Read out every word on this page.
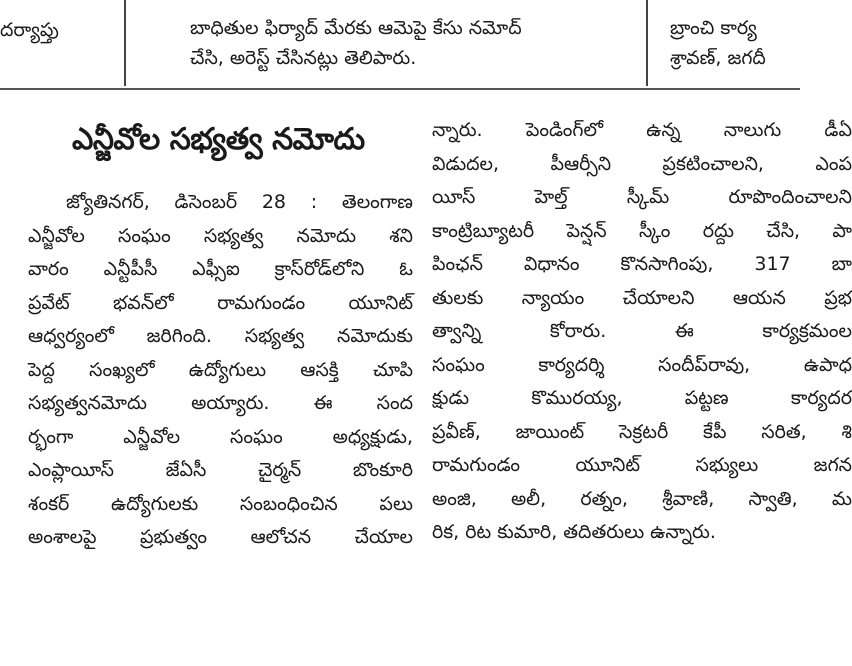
దర్యాప్తు	బాధితుల ఫిర్యాద్ మేరకు ఆమెపై కేసు నమోద్
చేసి, అరెస్ట్ చేసినట్లు తెలిపారు.
బ్రాంచి కార్య
శ్రావణ్, జగదీ
ఎన్జీవోల సభ్యత్వ నమోదు
జ్యోతినగర్, డిసెంబర్ 28 : తెలంగాణ
ఎన్జీవోల సంఘం సభ్యత్వ నమోదు శని
వారం ఎన్టీపీసీ ఎఫ్సీఐ క్రాస్‌రోడ్‌లోని ఓ
ప్రవేట్ భవన్‌లో రామగుండం యూనిట్
ఆధ్వర్యంలో జరిగింది. సభ్యత్వ నమోదుకు
పెద్ద సంఖ్యలో ఉద్యోగులు ఆసక్తి చూపి
సభ్యత్వనమోదు అయ్యారు. ఈ సంద
ర్భంగా ఎన్జీవోల సంఘం అధ్యక్షుడు,
ఎంప్లాయీస్ జేఏసీ చైర్మన్ బొంకూరి
శంకర్ ఉద్యోగులకు సంబంధించిన పలు
అంశాలపై ప్రభుత్వం ఆలోచన చేయాల
న్నారు. పెండింగ్‌లో ఉన్న నాలుగు డీఏ
విడుదల, పీఆర్సీని ప్రకటించాలని, ఎంప
యీస్ హెల్త్ స్కీమ్ రూపొందించాలని
కాంట్రిబ్యూటరీ పెన్షన్ స్కీం రద్దు చేసి, పా
పింఛన్ విధానం కొనసాగింపు, 317 బా
తులకు న్యాయం చేయాలని ఆయన ప్రభ
త్వాన్ని కోరారు. ఈ కార్యక్రమంల
సంఘం కార్యదర్శి సందీప్‌రావు, ఉపాధ
క్షుడు కొమురయ్య, పట్టణ కార్యదర
ప్రవీణ్, జాయింట్ సెక్రటరీ కేపీ సరిత, శి
రామగుండం యూనిట్ సభ్యులు జగన
అంజి, అలీ, రత్నం, శ్రీవాణి, స్వాతి, మ
రిక, రిట కుమారి, తదితరులు ఉన్నారు.
